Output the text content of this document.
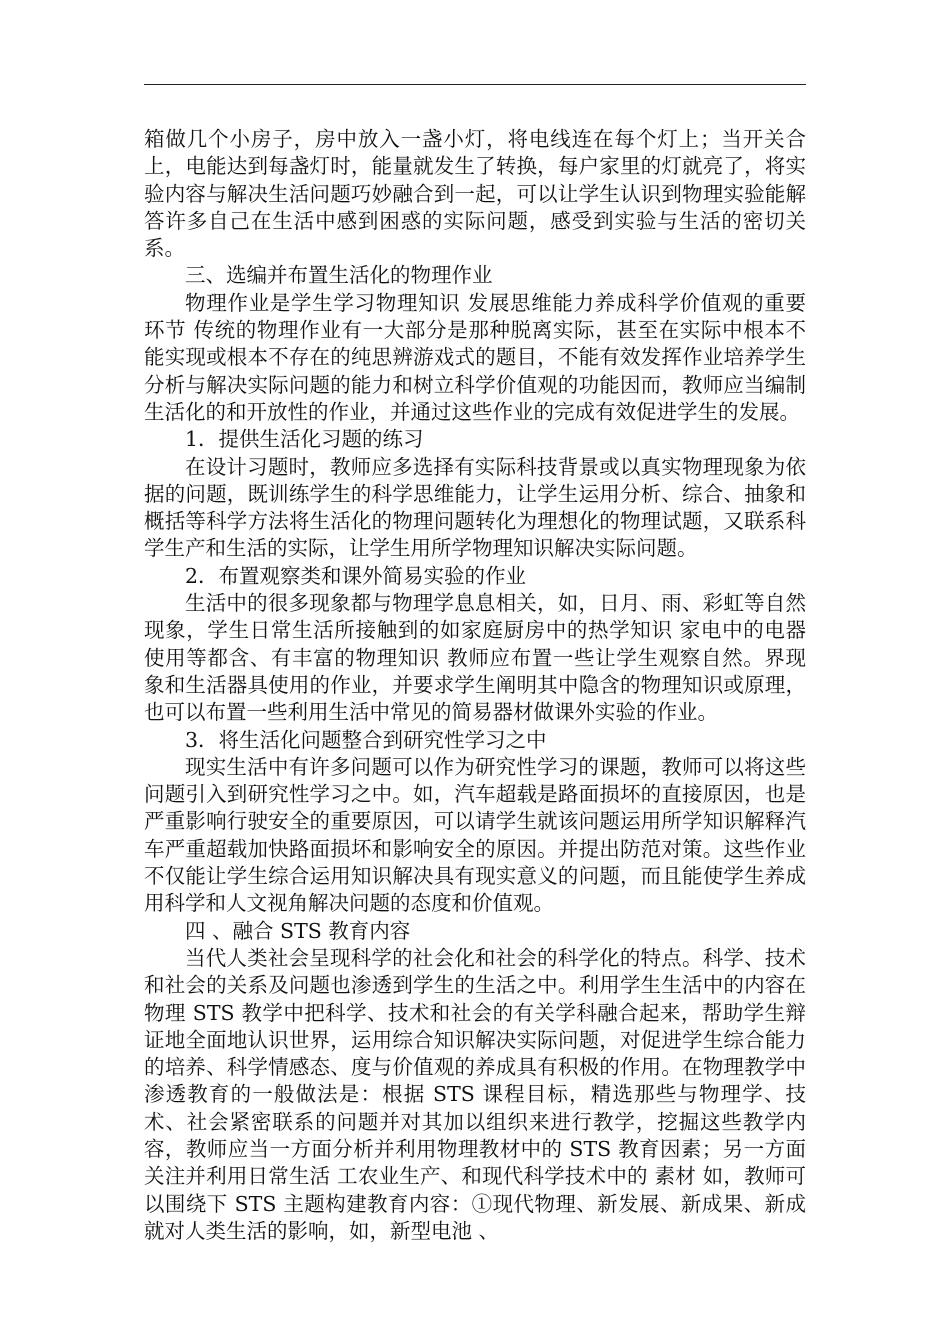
箱做几个小房子，房中放入一盏小灯，将电线连在每个灯上；当开关合上，电能达到每盏灯时，能量就发生了转换，每户家里的灯就亮了，将实验内容与解决生活问题巧妙融合到一起，可以让学生认识到物理实验能解答许多自己在生活中感到困惑的实际问题，感受到实验与生活的密切关系。

三、选编并布置生活化的物理作业

物理作业是学生学习物理知识 发展思维能力养成科学价值观的重要环节 传统的物理作业有一大部分是那种脱离实际，甚至在实际中根本不能实现或根本不存在的纯思辨游戏式的题目，不能有效发挥作业培养学生分析与解决实际问题的能力和树立科学价值观的功能因而，教师应当编制生活化的和开放性的作业，并通过这些作业的完成有效促进学生的发展。

1．提供生活化习题的练习

在设计习题时，教师应多选择有实际科技背景或以真实物理现象为依据的问题，既训练学生的科学思维能力，让学生运用分析、综合、抽象和概括等科学方法将生活化的物理问题转化为理想化的物理试题，又联系科学生产和生活的实际，让学生用所学物理知识解决实际问题。

2．布置观察类和课外简易实验的作业

生活中的很多现象都与物理学息息相关，如，日月、雨、彩虹等自然现象，学生日常生活所接触到的如家庭厨房中的热学知识 家电中的电器使用等都含、有丰富的物理知识 教师应布置一些让学生观察自然。界现象和生活器具使用的作业，并要求学生阐明其中隐含的物理知识或原理，也可以布置一些利用生活中常见的简易器材做课外实验的作业。

3．将生活化问题整合到研究性学习之中

现实生活中有许多问题可以作为研究性学习的课题，教师可以将这些问题引入到研究性学习之中。如，汽车超载是路面损坏的直接原因，也是严重影响行驶安全的重要原因，可以请学生就该问题运用所学知识解释汽车严重超载加快路面损坏和影响安全的原因。并提出防范对策。这些作业不仅能让学生综合运用知识解决具有现实意义的问题，而且能使学生养成用科学和人文视角解决问题的态度和价值观。

四 、融合 STS 教育内容

当代人类社会呈现科学的社会化和社会的科学化的特点。科学、技术和社会的关系及问题也渗透到学生的生活之中。利用学生生活中的内容在物理 STS 教学中把科学、技术和社会的有关学科融合起来，帮助学生辩证地全面地认识世界，运用综合知识解决实际问题，对促进学生综合能力的培养、科学情感态、度与价值观的养成具有积极的作用。在物理教学中渗透教育的一般做法是：根据 STS 课程目标，精选那些与物理学、技术、社会紧密联系的问题并对其加以组织来进行教学，挖掘这些教学内容，教师应当一方面分析并利用物理教材中的 STS 教育因素；另一方面关注并利用日常生活 工农业生产、和现代科学技术中的 素材 如，教师可以围绕下 STS 主题构建教育内容：①现代物理、新发展、新成果、新成就对人类生活的影响，如，新型电池 、
